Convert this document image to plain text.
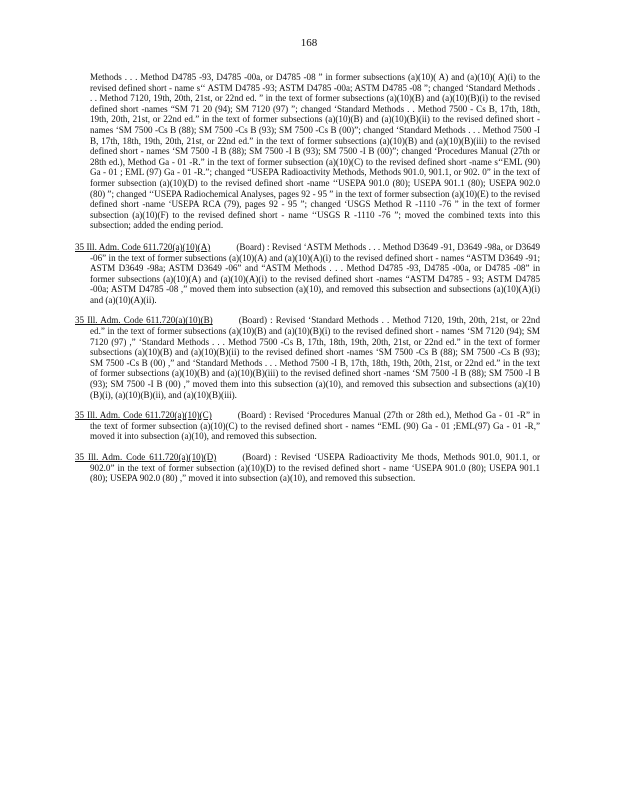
168

Methods . . . Method D4785 -93, D4785 -00a, or D4785 -08 ” in former subsections (a)(10)( A) and (a)(10)( A)(i) to the revised defined short - name s‘‘ ASTM D4785 -93; ASTM D4785 -00a; ASTM D4785 -08 ”; changed ‘Standard Methods . . . Method 7120, 19th, 20th, 21st, or 22nd ed. ” in the text of former subsections (a)(10)(B) and (a)(10)(B)(i) to the revised defined short -names “SM 71 20 (94); SM 7120 (97) ”; changed ‘Standard Methods . . Method 7500 - Cs B, 17th, 18th, 19th, 20th, 21st, or 22nd ed.” in the text of former subsections (a)(10)(B) and (a)(10)(B)(ii) to the revised defined short - names ‘SM 7500 -Cs B (88); SM 7500 -Cs B (93); SM 7500 -Cs B (00)”; changed ‘Standard Methods . . . Method 7500 -I B, 17th, 18th, 19th, 20th, 21st, or 22nd ed.” in the text of former subsections (a)(10)(B) and (a)(10)(B)(iii) to the revised defined short - names ‘SM 7500 -I B (88); SM 7500 -I B (93); SM 7500 -I B (00)”; changed ‘Procedures Manual (27th or 28th ed.), Method Ga - 01 -R.” in the text of former subsection (a)(10)(C) to the revised defined short -name s‘‘EML (90) Ga - 01 ; EML (97) Ga - 01 -R.”; changed “USEPA Radioactivity Methods, Methods 901.0, 901.1, or 902. 0” in the text of former subsection (a)(10)(D) to the revised defined short -name ‘‘USEPA 901.0 (80); USEPA 901.1 (80); USEPA 902.0 (80) ”; changed ‘‘USEPA Radiochemical Analyses, pages 92 - 95 ” in the text of former subsection (a)(10)(E) to the revised defined short -name ‘USEPA RCA (79), pages 92 - 95 ”; changed ‘USGS Method R -1110 -76 ” in the text of former subsection (a)(10)(F) to the revised defined short - name ‘‘USGS R -1110 -76 ”; moved the combined texts into this subsection; added the ending period.

35 Ill. Adm. Code 611.720(a)(10)(A)	(Board) : Revised ‘ASTM Methods . . . Method D3649 -91, D3649 -98a, or D3649 -06” in the text of former subsections (a)(10)(A) and (a)(10)(A)(i) to the revised defined short - names “ASTM D3649 -91; ASTM D3649 -98a; ASTM D3649 -06” and “ASTM Methods . . . Method D4785 -93, D4785 -00a, or D4785 -08” in former subsections (a)(10)(A) and (a)(10)(A)(i) to the revised defined short -names “ASTM D4785 - 93; ASTM D4785 -00a; ASTM D4785 -08 ,” moved them into subsection (a)(10), and removed this subsection and subsections (a)(10)(A)(i) and (a)(10)(A)(ii).
35 Ill. Adm. Code 611.720(a)(10)(B)	(Board) : Revised ‘Standard Methods . . Method 7120, 19th, 20th, 21st, or 22nd ed.” in the text of former subsections (a)(10)(B) and (a)(10)(B)(i) to the revised defined short - names ‘SM 7120 (94); SM 7120 (97) ,” ‘Standard Methods . . . Method 7500 -Cs B, 17th, 18th, 19th, 20th, 21st, or 22nd ed.” in the text of former subsections (a)(10)(B) and (a)(10)(B)(ii) to the revised defined short -names ‘SM 7500 -Cs B (88); SM 7500 -Cs B (93); SM 7500 -Cs B (00) ,” and ‘Standard Methods . . . Method 7500 -I B, 17th, 18th, 19th, 20th, 21st, or 22nd ed.” in the text of former subsections (a)(10)(B) and (a)(10)(B)(iii) to the revised defined short -names ‘SM 7500 -I B (88); SM 7500 -I B (93); SM 7500 -I B (00) ,” moved them into this subsection (a)(10), and removed this subsection and subsections (a)(10)(B)(i), (a)(10)(B)(ii), and (a)(10)(B)(iii).
35 Ill. Adm. Code 611.720(a)(10)(C)	(Board) : Revised ‘Procedures Manual (27th or 28th ed.), Method Ga - 01 -R” in the text of former subsection (a)(10)(C) to the revised defined short - names “EML (90) Ga - 01 ;EML(97) Ga - 01 -R,” moved it into subsection (a)(10), and removed this subsection.
35 Ill. Adm. Code 611.720(a)(10)(D)	(Board) : Revised ‘USEPA Radioactivity Me thods, Methods 901.0, 901.1, or 902.0” in the text of former subsection (a)(10)(D) to the revised defined short - name ‘USEPA 901.0 (80); USEPA 901.1 (80); USEPA 902.0 (80) ,” moved it into subsection (a)(10), and removed this subsection.
